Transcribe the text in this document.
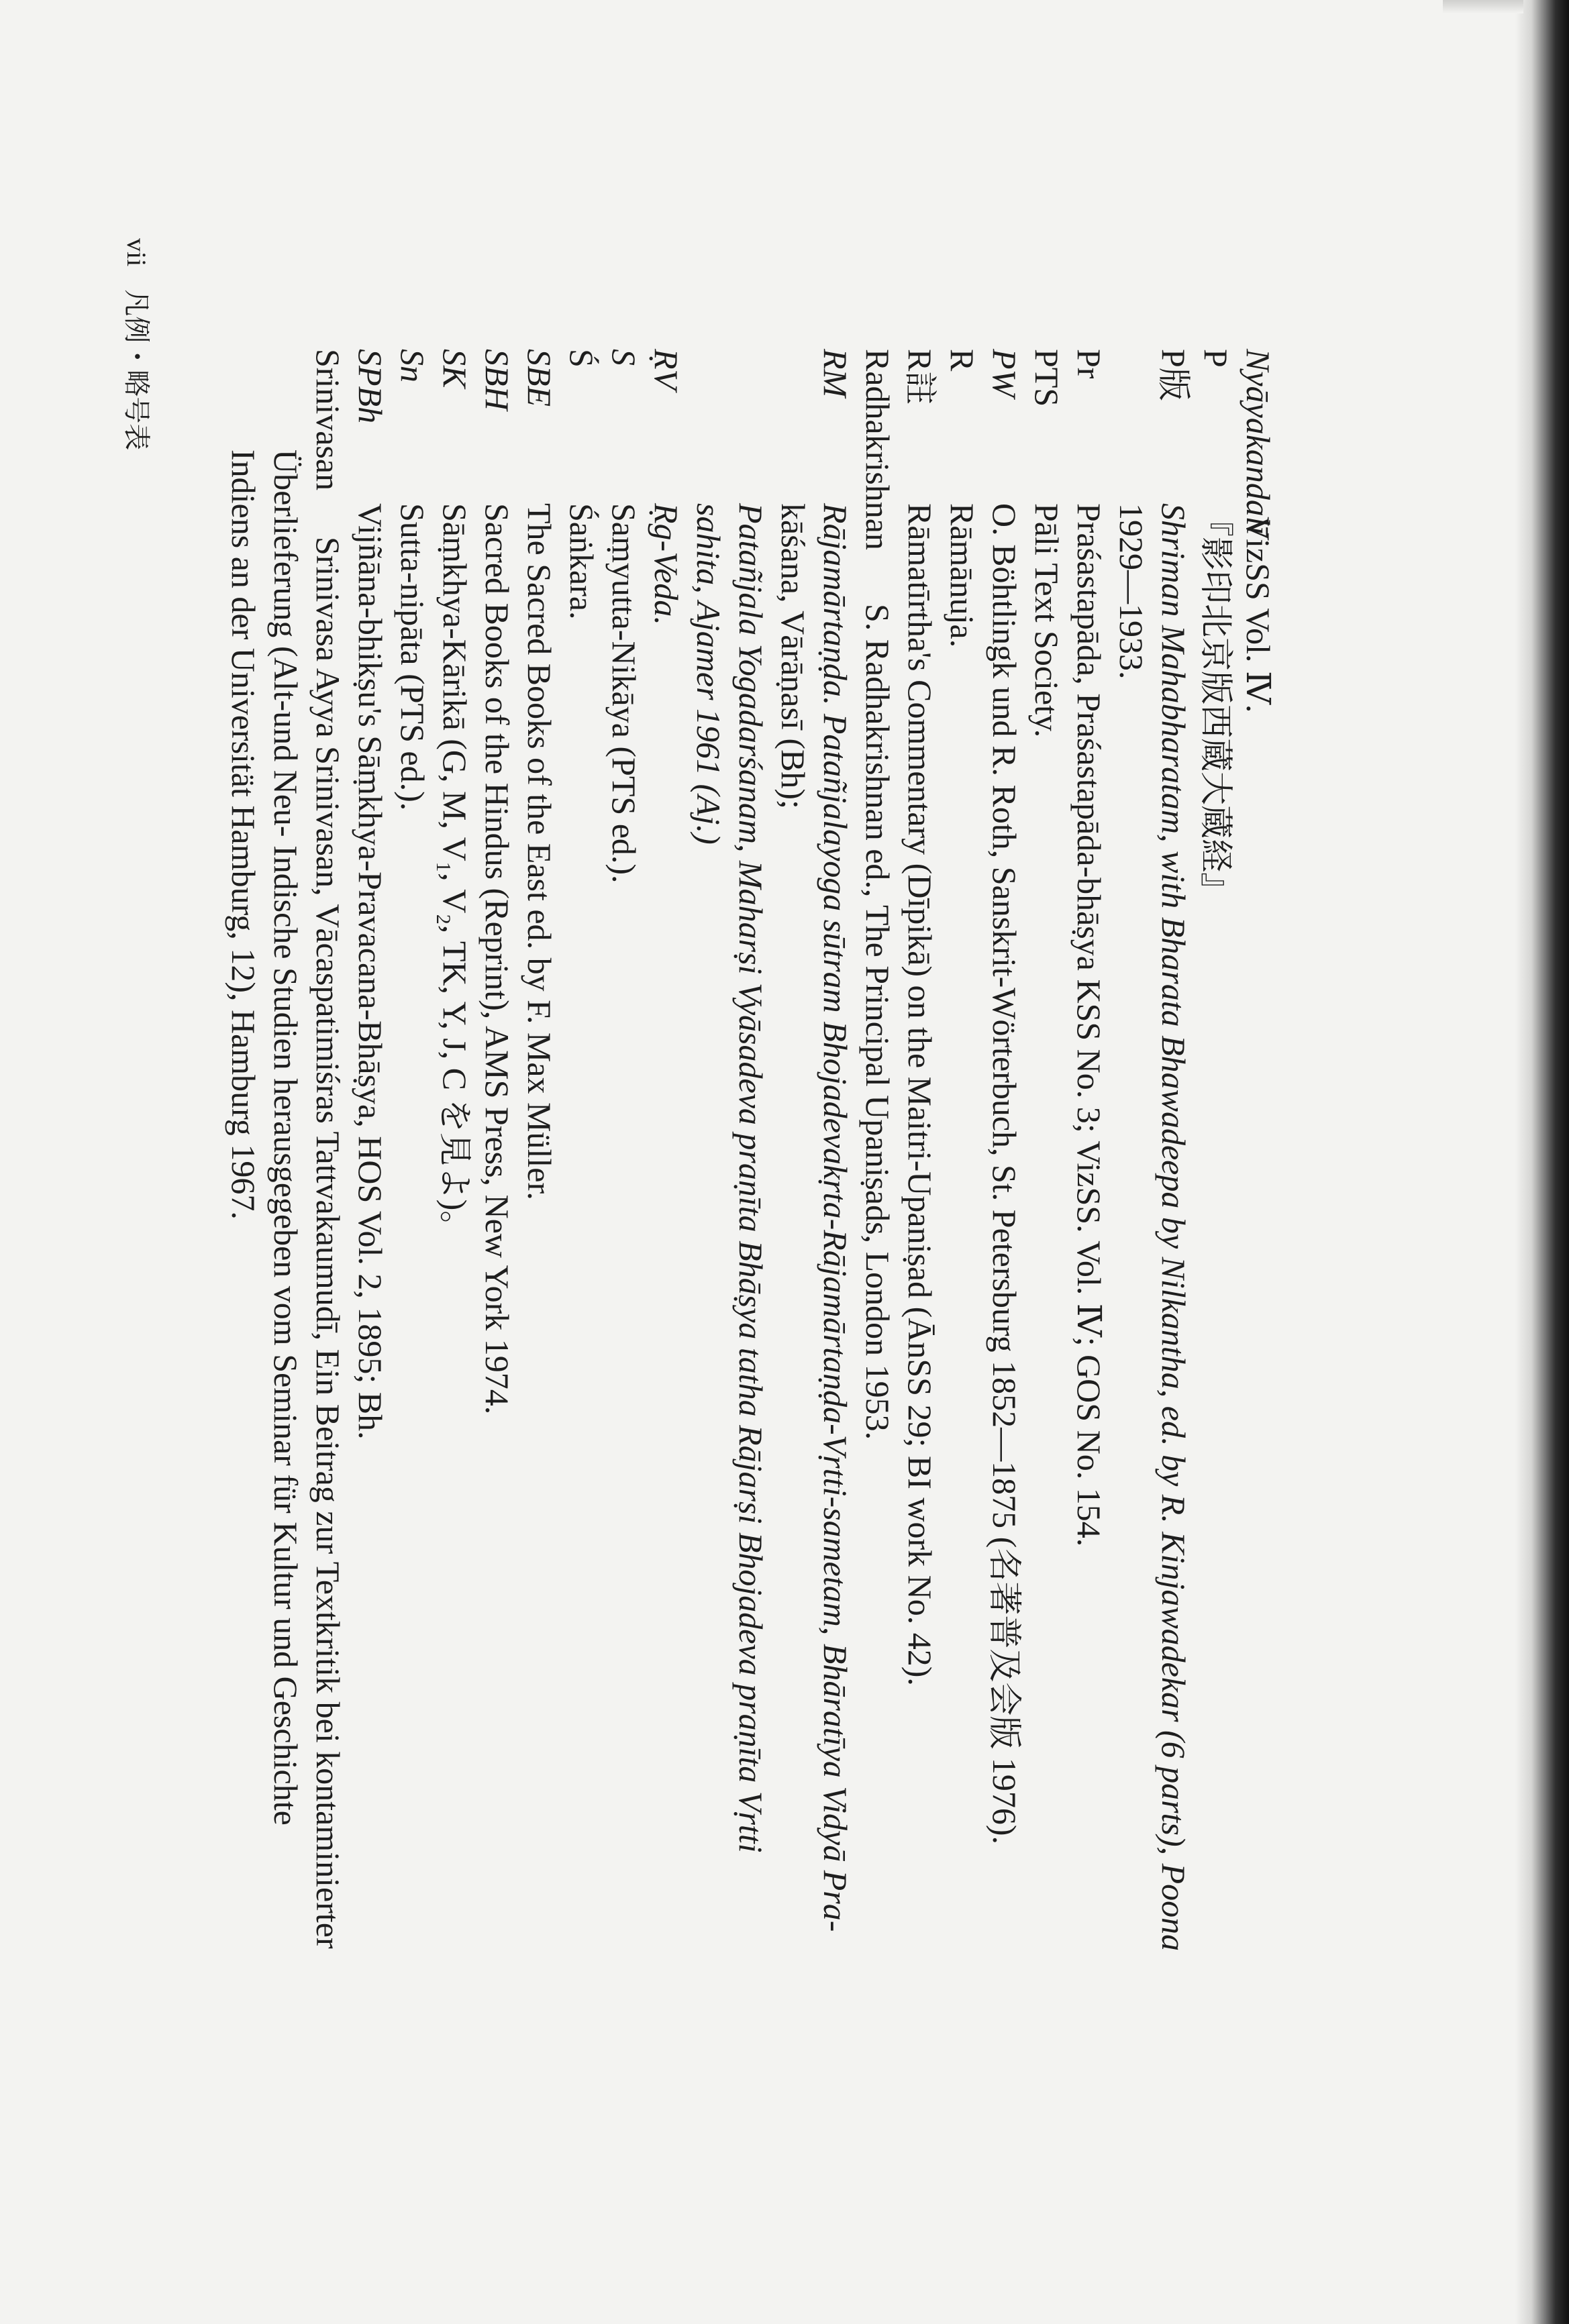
vii 凡例・略号表	Nyāyakandalī
VizSS Vol. Ⅳ.
P
『影印北京版西蔵大蔵経』
P版
Shriman Mahabharatam, with Bharata Bhawadeepa by Nilkantha, ed. by R. Kinjawadekar (6 parts), Poona
1929—1933.
Pr
Praśastapāda, Praśastapāda-bhāṣya KSS No. 3; VizSS. Vol. Ⅳ; GOS No. 154.
PTS
Pāli Text Society.
PW
O. Böhtlingk und R. Roth, Sanskrit-Wörterbuch, St. Petersburg 1852—1875 (名著普及会版 1976).
R
Rāmānuja.
R註
Rāmatīrtha's Commentary (Dīpikā) on the Maitri-Upaniṣad (ĀnSS 29; BI work No. 42).
Radhakrishnan
S. Radhakrishnan ed., The Principal Upaniṣads, London 1953.
RM
Rājamārtaṇḍa. Patañjalayoga sūtram Bhojadevakṛta-Rājamārtaṇḍa-Vṛtti-sametam, Bhāratīya Vidyā Pra-
kāśana, Vārāṇasī (Bh);
Patañjala Yogadarśanam, Maharṣi Vyāsadeva praṇīta Bhāṣya tatha Rājarṣi Bhojadeva praṇīta Vṛtti
sahita, Ajamer 1961 (Aj.)
ṚV
Ṛg-Veda.
S
Saṃyutta-Nikāya (PTS ed.).
Ś
Śaṅkara.
SBE
The Sacred Books of the East ed. by F. Max Müller.
SBH
Sacred Books of the Hindus (Reprint), AMS Press, New York 1974.
SK
Sāṃkhya-Kārikā (G, M, V₁, V₂, TK, Y, J, C を見よ)。
Sn
Sutta-nipāta (PTS ed.).
SPBh
Vijñāna-bhikṣu's Sāṃkhya-Pravacana-Bhāṣya, HOS Vol. 2, 1895; Bh.
Srinivasan
Srinivasa Ayya Srinivasan, Vācaspatimiśras Tattvakaumudī, Ein Beitrag zur Textkritik bei kontaminierter
Überlieferung (Alt-und Neu- Indische Studien herausgegeben vom Seminar für Kultur und Geschichte
Indiens an der Universität Hamburg, 12), Hamburg 1967.
